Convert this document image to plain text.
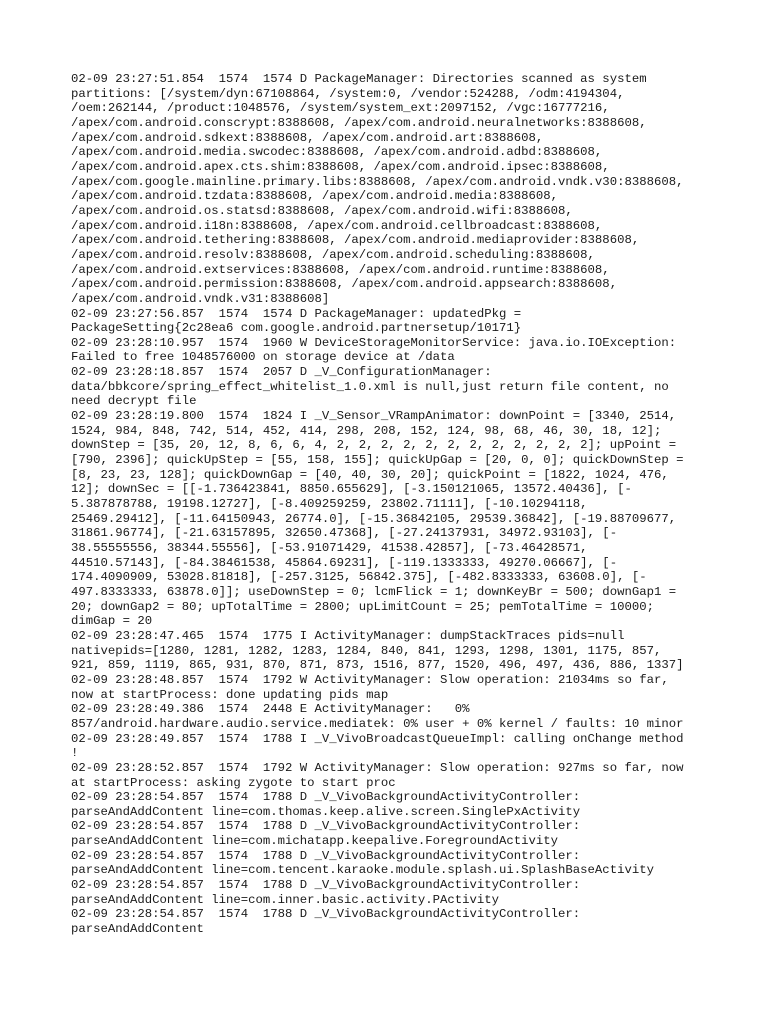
02-09 23:27:51.854  1574  1574 D PackageManager: Directories scanned as system
partitions: [/system/dyn:67108864, /system:0, /vendor:524288, /odm:4194304,
/oem:262144, /product:1048576, /system/system_ext:2097152, /vgc:16777216,
/apex/com.android.conscrypt:8388608, /apex/com.android.neuralnetworks:8388608,
/apex/com.android.sdkext:8388608, /apex/com.android.art:8388608,
/apex/com.android.media.swcodec:8388608, /apex/com.android.adbd:8388608,
/apex/com.android.apex.cts.shim:8388608, /apex/com.android.ipsec:8388608,
/apex/com.google.mainline.primary.libs:8388608, /apex/com.android.vndk.v30:8388608,
/apex/com.android.tzdata:8388608, /apex/com.android.media:8388608,
/apex/com.android.os.statsd:8388608, /apex/com.android.wifi:8388608,
/apex/com.android.i18n:8388608, /apex/com.android.cellbroadcast:8388608,
/apex/com.android.tethering:8388608, /apex/com.android.mediaprovider:8388608,
/apex/com.android.resolv:8388608, /apex/com.android.scheduling:8388608,
/apex/com.android.extservices:8388608, /apex/com.android.runtime:8388608,
/apex/com.android.permission:8388608, /apex/com.android.appsearch:8388608,
/apex/com.android.vndk.v31:8388608]
02-09 23:27:56.857  1574  1574 D PackageManager: updatedPkg =
PackageSetting{2c28ea6 com.google.android.partnersetup/10171}
02-09 23:28:10.957  1574  1960 W DeviceStorageMonitorService: java.io.IOException:
Failed to free 1048576000 on storage device at /data
02-09 23:28:18.857  1574  2057 D _V_ConfigurationManager:
data/bbkcore/spring_effect_whitelist_1.0.xml is null,just return file content, no
need decrypt file
02-09 23:28:19.800  1574  1824 I _V_Sensor_VRampAnimator: downPoint = [3340, 2514,
1524, 984, 848, 742, 514, 452, 414, 298, 208, 152, 124, 98, 68, 46, 30, 18, 12];
downStep = [35, 20, 12, 8, 6, 6, 4, 2, 2, 2, 2, 2, 2, 2, 2, 2, 2, 2, 2]; upPoint =
[790, 2396]; quickUpStep = [55, 158, 155]; quickUpGap = [20, 0, 0]; quickDownStep =
[8, 23, 23, 128]; quickDownGap = [40, 40, 30, 20]; quickPoint = [1822, 1024, 476,
12]; downSec = [[-1.736423841, 8850.655629], [-3.150121065, 13572.40436], [-
5.387878788, 19198.12727], [-8.409259259, 23802.71111], [-10.10294118,
25469.29412], [-11.64150943, 26774.0], [-15.36842105, 29539.36842], [-19.88709677,
31861.96774], [-21.63157895, 32650.47368], [-27.24137931, 34972.93103], [-
38.55555556, 38344.55556], [-53.91071429, 41538.42857], [-73.46428571,
44510.57143], [-84.38461538, 45864.69231], [-119.1333333, 49270.06667], [-
174.4090909, 53028.81818], [-257.3125, 56842.375], [-482.8333333, 63608.0], [-
497.8333333, 63878.0]]; useDownStep = 0; lcmFlick = 1; downKeyBr = 500; downGap1 =
20; downGap2 = 80; upTotalTime = 2800; upLimitCount = 25; pemTotalTime = 10000;
dimGap = 20
02-09 23:28:47.465  1574  1775 I ActivityManager: dumpStackTraces pids=null
nativepids=[1280, 1281, 1282, 1283, 1284, 840, 841, 1293, 1298, 1301, 1175, 857,
921, 859, 1119, 865, 931, 870, 871, 873, 1516, 877, 1520, 496, 497, 436, 886, 1337]
02-09 23:28:48.857  1574  1792 W ActivityManager: Slow operation: 21034ms so far,
now at startProcess: done updating pids map
02-09 23:28:49.386  1574  2448 E ActivityManager:   0%
857/android.hardware.audio.service.mediatek: 0% user + 0% kernel / faults: 10 minor
02-09 23:28:49.857  1574  1788 I _V_VivoBroadcastQueueImpl: calling onChange method
!
02-09 23:28:52.857  1574  1792 W ActivityManager: Slow operation: 927ms so far, now
at startProcess: asking zygote to start proc
02-09 23:28:54.857  1574  1788 D _V_VivoBackgroundActivityController:
parseAndAddContent line=com.thomas.keep.alive.screen.SinglePxActivity
02-09 23:28:54.857  1574  1788 D _V_VivoBackgroundActivityController:
parseAndAddContent line=com.michatapp.keepalive.ForegroundActivity
02-09 23:28:54.857  1574  1788 D _V_VivoBackgroundActivityController:
parseAndAddContent line=com.tencent.karaoke.module.splash.ui.SplashBaseActivity
02-09 23:28:54.857  1574  1788 D _V_VivoBackgroundActivityController:
parseAndAddContent line=com.inner.basic.activity.PActivity
02-09 23:28:54.857  1574  1788 D _V_VivoBackgroundActivityController:
parseAndAddContent
